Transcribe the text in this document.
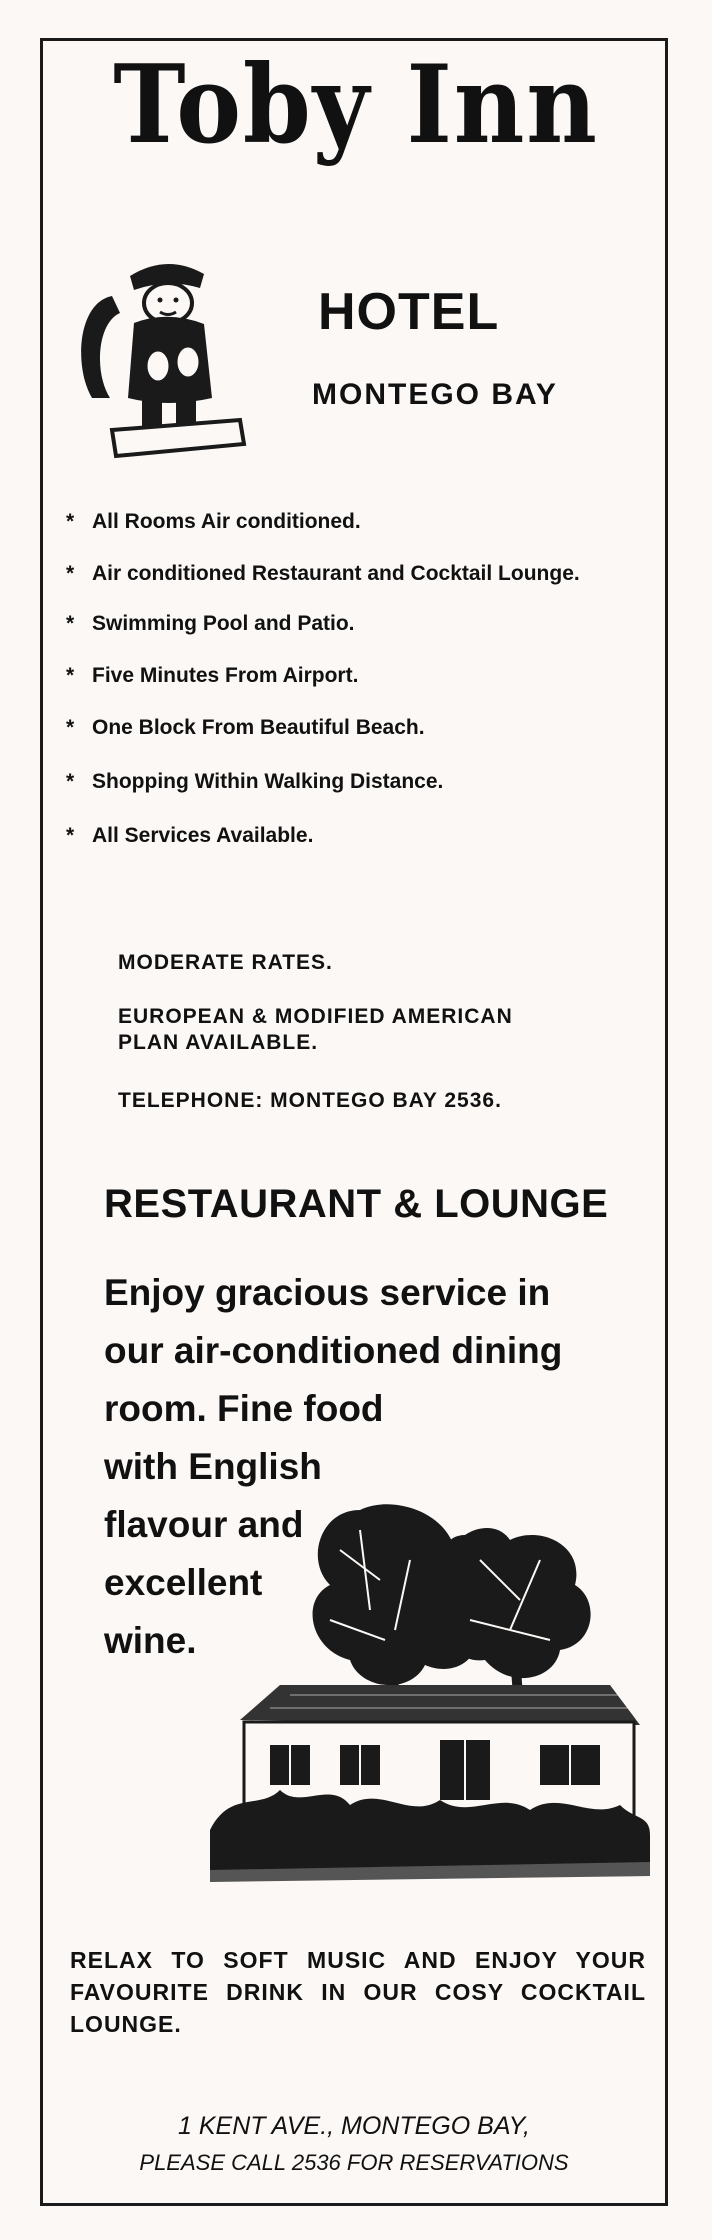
Toby Inn
HOTEL
MONTEGO BAY
* All Rooms Air conditioned.
* Air conditioned Restaurant and Cocktail Lounge.
* Swimming Pool and Patio.
* Five Minutes From Airport.
* One Block From Beautiful Beach.
* Shopping Within Walking Distance.
* All Services Available.
MODERATE RATES.
EUROPEAN & MODIFIED AMERICAN
PLAN AVAILABLE.
TELEPHONE: MONTEGO BAY 2536.
RESTAURANT & LOUNGE
Enjoy gracious service in
our air-conditioned dining
room. Fine food
with English
flavour and
excellent
wine.
RELAX TO SOFT MUSIC AND ENJOY YOUR FAVOURITE DRINK IN OUR COSY COCKTAIL LOUNGE.
1 KENT AVE., MONTEGO BAY,
PLEASE CALL 2536 FOR RESERVATIONS
